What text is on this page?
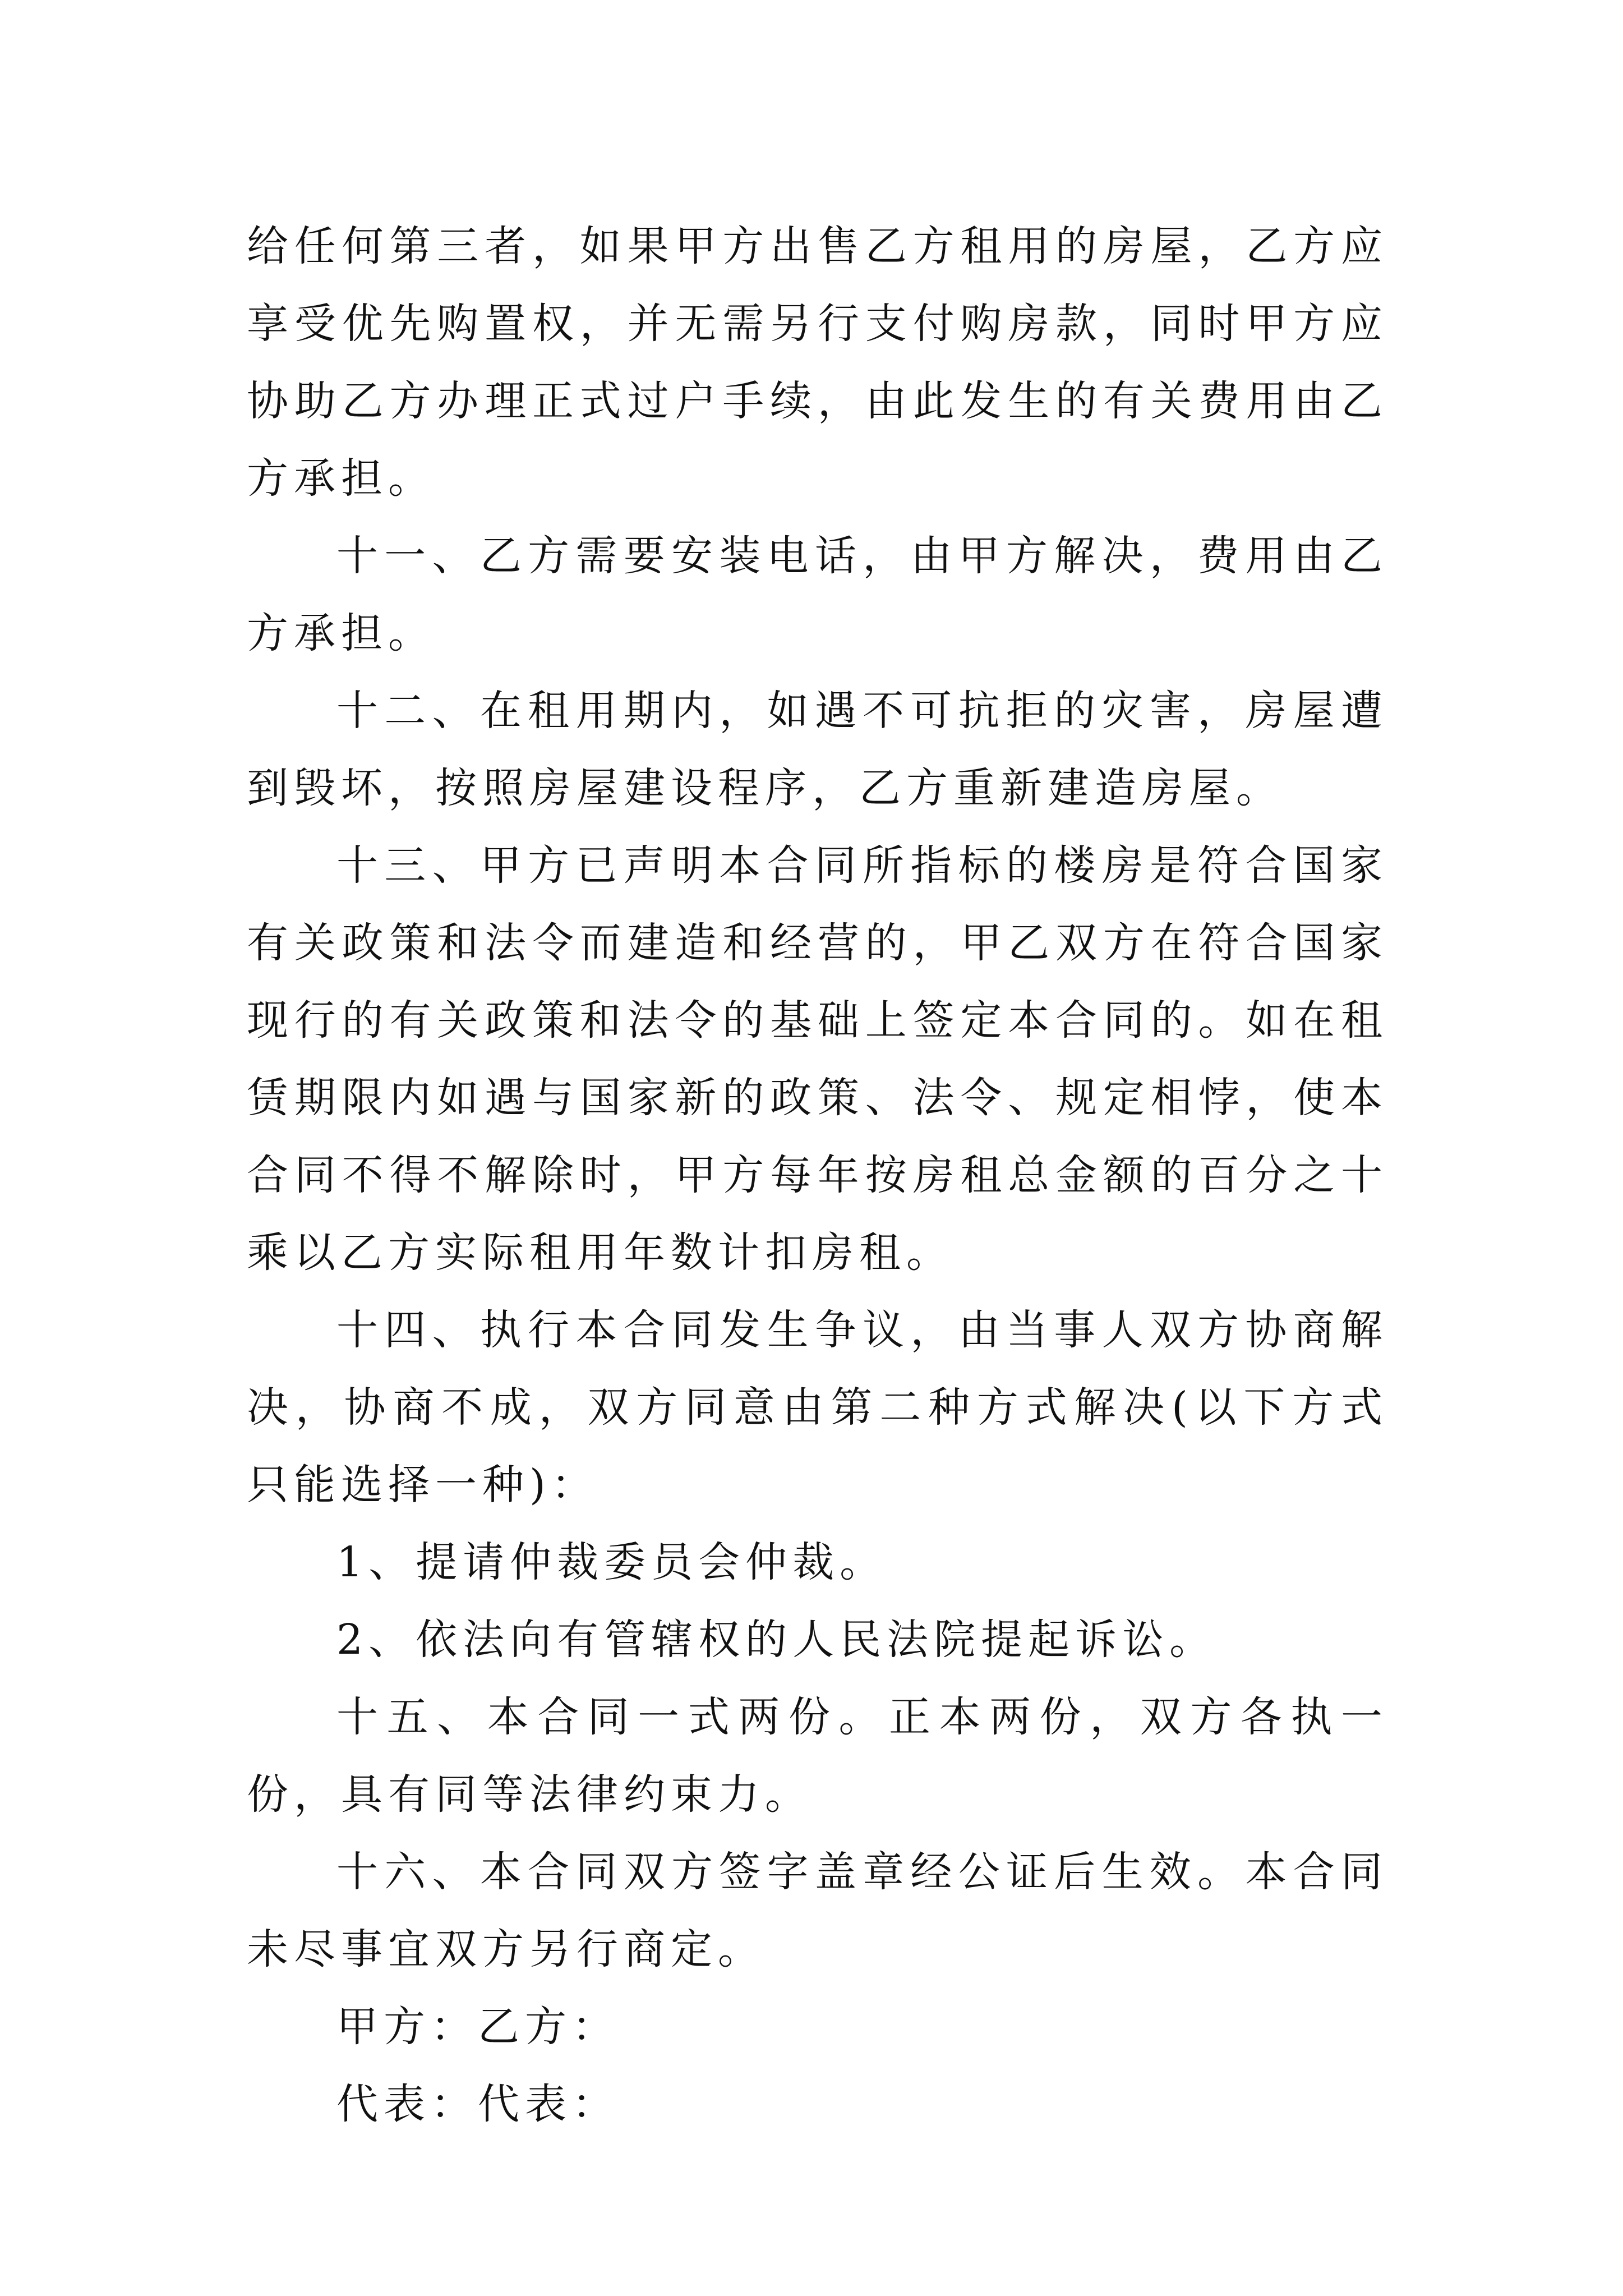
给任何第三者，如果甲方出售乙方租用的房屋，乙方应享受优先购置权，并无需另行支付购房款，同时甲方应协助乙方办理正式过户手续，由此发生的有关费用由乙方承担。

十一、乙方需要安装电话，由甲方解决，费用由乙方承担。

十二、在租用期内，如遇不可抗拒的灾害，房屋遭到毁坏，按照房屋建设程序，乙方重新建造房屋。

十三、甲方已声明本合同所指标的楼房是符合国家有关政策和法令而建造和经营的，甲乙双方在符合国家现行的有关政策和法令的基础上签定本合同的。如在租赁期限内如遇与国家新的政策、法令、规定相悖，使本合同不得不解除时，甲方每年按房租总金额的百分之十乘以乙方实际租用年数计扣房租。

十四、执行本合同发生争议，由当事人双方协商解决，协商不成，双方同意由第二种方式解决(以下方式只能选择一种)：

1、提请仲裁委员会仲裁。

2、依法向有管辖权的人民法院提起诉讼。

十五、本合同一式两份。正本两份，双方各执一份，具有同等法律约束力。

十六、本合同双方签字盖章经公证后生效。本合同未尽事宜双方另行商定。

甲方：乙方：

代表：代表：
